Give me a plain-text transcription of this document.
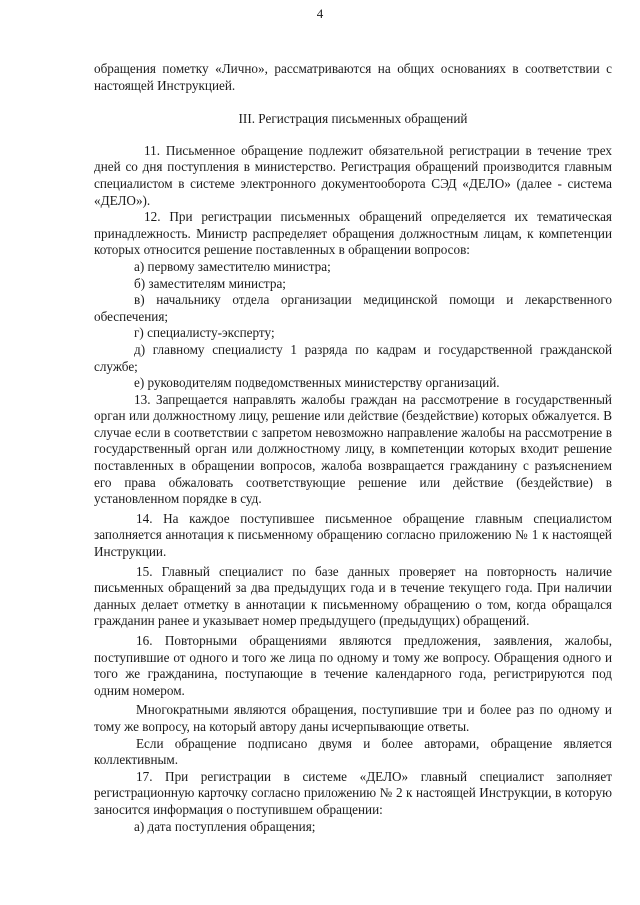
4

обращения пометку «Лично», рассматриваются на общих основаниях в соответствии с настоящей Инструкцией.

III. Регистрация письменных обращений

11. Письменное обращение подлежит обязательной регистрации в течение трех дней со дня поступления в министерство. Регистрация обращений производится главным специалистом в системе электронного документооборота СЭД «ДЕЛО» (далее - система «ДЕЛО»).

12. При регистрации письменных обращений определяется их тематическая принадлежность. Министр распределяет обращения должностным лицам, к компетенции которых относится решение поставленных в обращении вопросов:

а) первому заместителю министра;

б) заместителям министра;

в) начальнику отдела организации медицинской помощи и лекарственного обеспечения;

г) специалисту-эксперту;

д) главному специалисту 1 разряда по кадрам и государственной гражданской службе;

е) руководителям подведомственных министерству организаций.

13. Запрещается направлять жалобы граждан на рассмотрение в государственный орган или должностному лицу, решение или действие (бездействие) которых обжалуется. В случае если в соответствии с запретом невозможно направление жалобы на рассмотрение в государственный орган или должностному лицу, в компетенции которых входит решение поставленных в обращении вопросов, жалоба возвращается гражданину с разъяснением его права обжаловать соответствующие решение или действие (бездействие) в установленном порядке в суд.

14. На каждое поступившее письменное обращение главным специалистом заполняется аннотация к письменному обращению согласно приложению № 1 к настоящей Инструкции.

15. Главный специалист по базе данных проверяет на повторность наличие письменных обращений за два предыдущих года и в течение текущего года. При наличии данных делает отметку в аннотации к письменному обращению о том, когда обращался гражданин ранее и указывает номер предыдущего (предыдущих) обращений.

16. Повторными обращениями являются предложения, заявления, жалобы, поступившие от одного и того же лица по одному и тому же вопросу. Обращения одного и того же гражданина, поступающие в течение календарного года, регистрируются под одним номером.

Многократными являются обращения, поступившие три и более раз по одному и тому же вопросу, на который автору даны исчерпывающие ответы.

Если обращение подписано двумя и более авторами, обращение является коллективным.

17. При регистрации в системе «ДЕЛО» главный специалист заполняет регистрационную карточку согласно приложению № 2 к настоящей Инструкции, в которую заносится информация о поступившем обращении:

а) дата поступления обращения;
